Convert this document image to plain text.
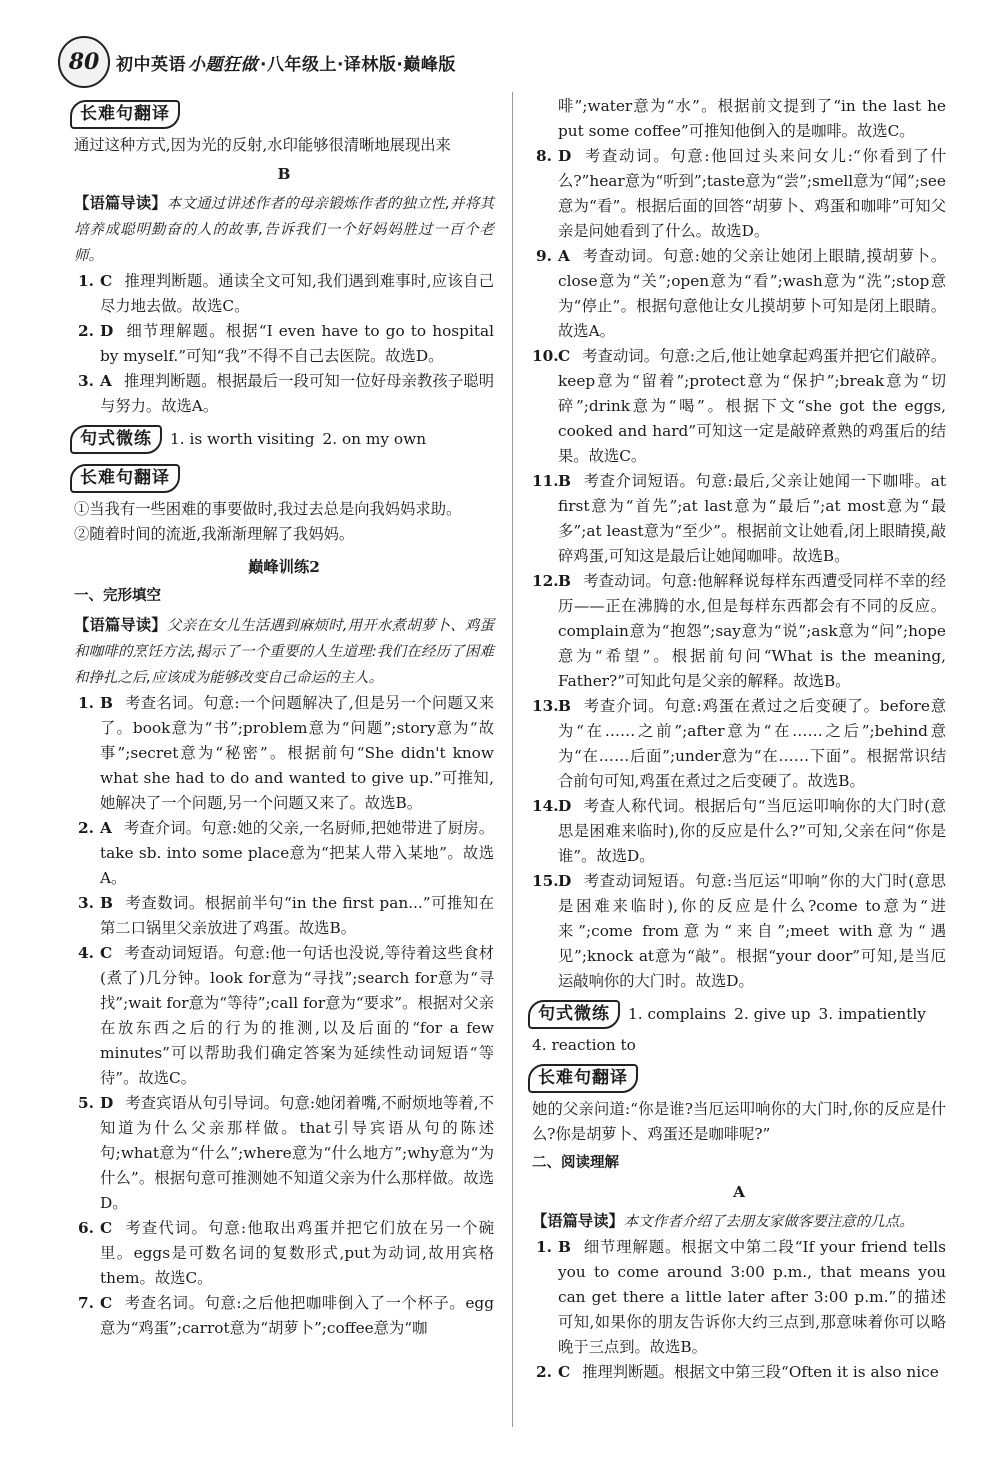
80 初中英语 小题狂做 ·八年级上·译林版·巅峰版
长难句翻译

通过这种方式,因为光的反射,水印能够很清晰地展现出来

B

【语篇导读】本文通过讲述作者的母亲锻炼作者的独立性,并将其培养成聪明勤奋的人的故事,告诉我们一个好妈妈胜过一百个老师。

1. C 推理判断题。通读全文可知,我们遇到难事时,应该自己尽力地去做。故选C。
2. D 细节理解题。根据“I even have to go to hospital by myself.”可知“我”不得不自己去医院。故选D。
3. A 推理判断题。根据最后一段可知一位好母亲教孩子聪明与努力。故选A。
句式微练	1. is worth visiting 2. on my own
长难句翻译

①当我有一些困难的事要做时,我过去总是向我妈妈求助。

②随着时间的流逝,我渐渐理解了我妈妈。

巅峰训练2
一、完形填空

【语篇导读】父亲在女儿生活遇到麻烦时,用开水煮胡萝卜、鸡蛋和咖啡的烹饪方法,揭示了一个重要的人生道理:我们在经历了困难和挣扎之后,应该成为能够改变自己命运的主人。

1. B 考查名词。句意:一个问题解决了,但是另一个问题又来了。book意为“书”;problem意为“问题”;story意为“故事”;secret意为“秘密”。根据前句“She didn't know what she had to do and wanted to give up.”可推知,她解决了一个问题,另一个问题又来了。故选B。
2. A 考查介词。句意:她的父亲,一名厨师,把她带进了厨房。take sb. into some place意为“把某人带入某地”。故选A。
3. B 考查数词。根据前半句“in the first pan...”可推知在第二口锅里父亲放进了鸡蛋。故选B。
4. C 考查动词短语。句意:他一句话也没说,等待着这些食材(煮了)几分钟。look for意为“寻找”;search for意为“寻找”;wait for意为“等待”;call for意为“要求”。根据对父亲在放东西之后的行为的推测,以及后面的“for a few minutes”可以帮助我们确定答案为延续性动词短语“等待”。故选C。
5. D 考查宾语从句引导词。句意:她闭着嘴,不耐烦地等着,不知道为什么父亲那样做。that引导宾语从句的陈述句;what意为“什么”;where意为“什么地方”;why意为“为什么”。根据句意可推测她不知道父亲为什么那样做。故选D。
6. C 考查代词。句意:他取出鸡蛋并把它们放在另一个碗里。eggs是可数名词的复数形式,put为动词,故用宾格them。故选C。
7. C 考查名词。句意:之后他把咖啡倒入了一个杯子。egg意为“鸡蛋”;carrot意为“胡萝卜”;coffee意为“咖

啡”;water意为“水”。根据前文提到了“in the last he put some coffee”可推知他倒入的是咖啡。故选C。

8. D 考查动词。句意:他回过头来问女儿:“你看到了什么?”hear意为“听到”;taste意为“尝”;smell意为“闻”;see意为“看”。根据后面的回答“胡萝卜、鸡蛋和咖啡”可知父亲是问她看到了什么。故选D。
9. A 考查动词。句意:她的父亲让她闭上眼睛,摸胡萝卜。close意为“关”;open意为“看”;wash意为“洗”;stop意为“停止”。根据句意他让女儿摸胡萝卜可知是闭上眼睛。故选A。
10. C 考查动词。句意:之后,他让她拿起鸡蛋并把它们敲碎。keep意为“留着”;protect意为“保护”;break意为“切碎”;drink意为“喝”。根据下文“she got the eggs, cooked and hard”可知这一定是敲碎煮熟的鸡蛋后的结果。故选C。
11. B 考查介词短语。句意:最后,父亲让她闻一下咖啡。at first意为“首先”;at last意为“最后”;at most意为“最多”;at least意为“至少”。根据前文让她看,闭上眼睛摸,敲碎鸡蛋,可知这是最后让她闻咖啡。故选B。
12. B 考查动词。句意:他解释说每样东西遭受同样不幸的经历——正在沸腾的水,但是每样东西都会有不同的反应。complain意为“抱怨”;say意为“说”;ask意为“问”;hope意为“希望”。根据前句问“What is the meaning, Father?”可知此句是父亲的解释。故选B。
13. B 考查介词。句意:鸡蛋在煮过之后变硬了。before意为“在……之前”;after意为“在……之后”;behind意为“在……后面”;under意为“在……下面”。根据常识结合前句可知,鸡蛋在煮过之后变硬了。故选B。
14. D 考查人称代词。根据后句“当厄运叩响你的大门时(意思是困难来临时),你的反应是什么?”可知,父亲在问“你是谁”。故选D。
15. D 考查动词短语。句意:当厄运“叩响”你的大门时(意思是困难来临时),你的反应是什么?come to意为“进来”;come from意为“来自”;meet with意为“遇见”;knock at意为“敲”。根据“your door”可知,是当厄运敲响你的大门时。故选D。
句式微练	1. complains 2. give up 3. impatiently

4. reaction to

长难句翻译

她的父亲问道:“你是谁?当厄运叩响你的大门时,你的反应是什么?你是胡萝卜、鸡蛋还是咖啡呢?”

二、阅读理解
A

【语篇导读】本文作者介绍了去朋友家做客要注意的几点。

1. B 细节理解题。根据文中第二段“If your friend tells you to come around 3:00 p.m., that means you can get there a little later after 3:00 p.m.”的描述可知,如果你的朋友告诉你大约三点到,那意味着你可以略晚于三点到。故选B。
2. C 推理判断题。根据文中第三段“Often it is also nice
